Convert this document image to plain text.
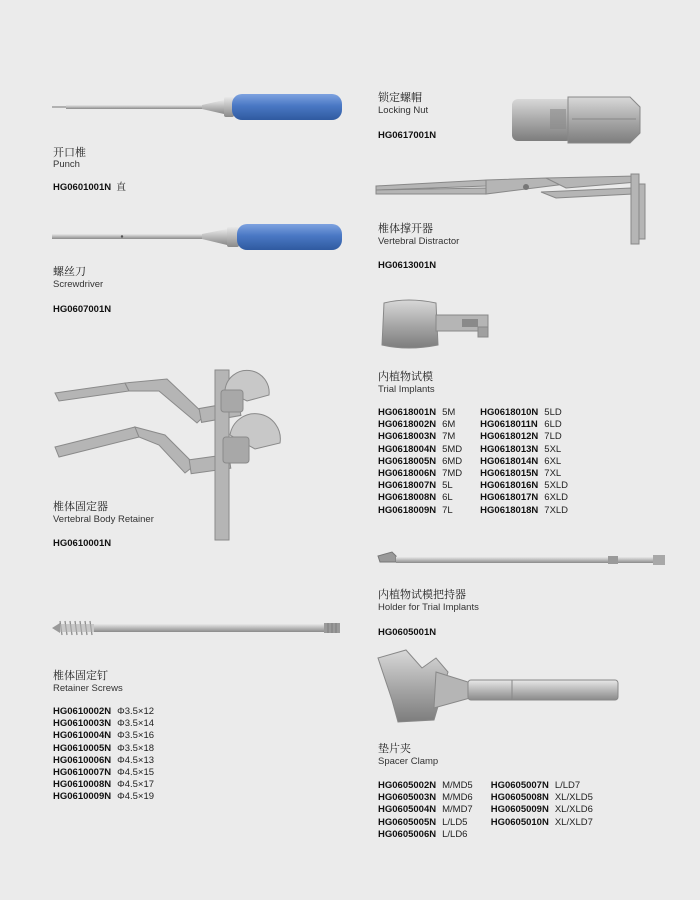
开口椎
Punch
HG0601001N 直
螺丝刀
Screwdriver
HG0607001N
椎体固定器
Vertebral Body Retainer
HG0610001N
椎体固定钉
Retainer Screws
HG0610002N	Φ3.5×12
HG0610003N	Φ3.5×14
HG0610004N	Φ3.5×16
HG0610005N	Φ3.5×18
HG0610006N	Φ4.5×13
HG0610007N	Φ4.5×15
HG0610008N	Φ4.5×17
HG0610009N	Φ4.5×19
锁定螺帽
Locking Nut
HG0617001N
椎体撑开器
Vertebral Distractor
HG0613001N
内植物试模
Trial Implants
HG0618001N	5M	HG0618010N	5LD
HG0618002N	6M	HG0618011N	6LD
HG0618003N	7M	HG0618012N	7LD
HG0618004N	5MD	HG0618013N	5XL
HG0618005N	6MD	HG0618014N	6XL
HG0618006N	7MD	HG0618015N	7XL
HG0618007N	5L	HG0618016N	5XLD
HG0618008N	6L	HG0618017N	6XLD
HG0618009N	7L	HG0618018N	7XLD
内植物试模把持器
Holder for Trial Implants
HG0605001N
垫片夹
Spacer Clamp
HG0605002N	M/MD5	HG0605007N	L/LD7
HG0605003N	M/MD6	HG0605008N	XL/XLD5
HG0605004N	M/MD7	HG0605009N	XL/XLD6
HG0605005N	L/LD5	HG0605010N	XL/XLD7
HG0605006N	L/LD6		
